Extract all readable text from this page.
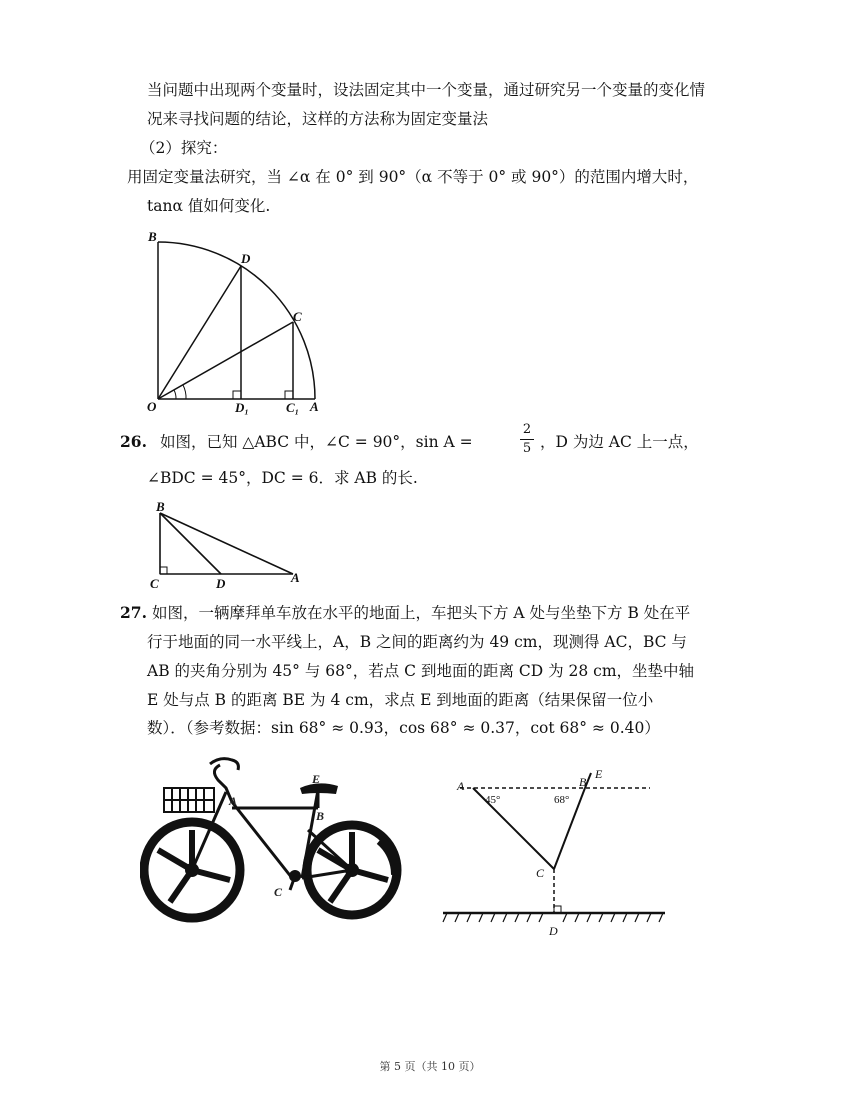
当问题中出现两个变量时，设法固定其中一个变量，通过研究另一个变量的变化情
况来寻找问题的结论，这样的方法称为固定变量法
（2）探究：
用固定变量法研究，当 ∠α 在 0° 到 90°（α 不等于 0° 或 90°）的范围内增大时，
tanα 值如何变化.
B
D
C
O	D₁	C₁ A
26. 如图，已知 △ABC 中，∠C = 90°，sin A =	$\frac{2}{5}$ ，D 为边 AC 上一点，
∠BDC = 45°，DC = 6．求 AB 的长.
B
C	D	A
27. 如图，一辆摩拜单车放在水平的地面上，车把头下方 A 处与坐垫下方 B 处在平
行于地面的同一水平线上，A，B 之间的距离约为 49 cm，现测得 AC，BC 与
AB 的夹角分别为 45° 与 68°，若点 C 到地面的距离 CD 为 28 cm，坐垫中轴
E 处与点 B 的距离 BE 为 4 cm，求点 E 到地面的距离（结果保留一位小
数）．（参考数据：sin 68° ≈ 0.93，cos 68° ≈ 0.37，cot 68° ≈ 0.40）
E
A
B
C
A	B
E
C
D
45°	68°
第 5 页（共 10 页）
